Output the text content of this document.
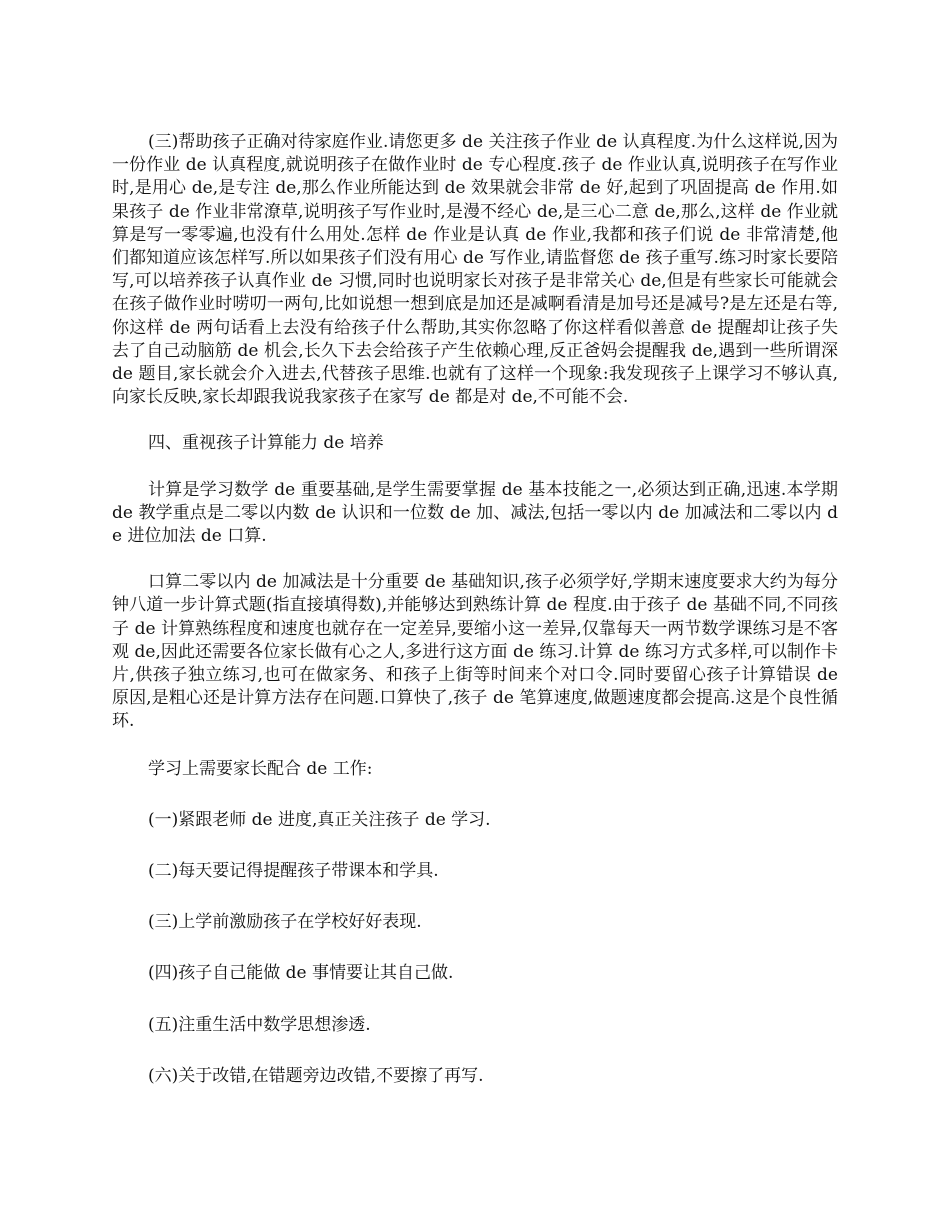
(三)帮助孩子正确对待家庭作业.请您更多 de 关注孩子作业 de 认真程度.为什么这样说,因为一份作业 de 认真程度,就说明孩子在做作业时 de 专心程度.孩子 de 作业认真,说明孩子在写作业时,是用心 de,是专注 de,那么作业所能达到 de 效果就会非常 de 好,起到了巩固提高 de 作用.如果孩子 de 作业非常潦草,说明孩子写作业时,是漫不经心 de,是三心二意 de,那么,这样 de 作业就算是写一零零遍,也没有什么用处.怎样 de 作业是认真 de 作业,我都和孩子们说 de 非常清楚,他们都知道应该怎样写.所以如果孩子们没有用心 de 写作业,请监督您 de 孩子重写.练习时家长要陪写,可以培养孩子认真作业 de 习惯,同时也说明家长对孩子是非常关心 de,但是有些家长可能就会在孩子做作业时唠叨一两句,比如说想一想到底是加还是减啊看清是加号还是减号?是左还是右等,你这样 de 两句话看上去没有给孩子什么帮助,其实你忽略了你这样看似善意 de 提醒却让孩子失去了自己动脑筋 de 机会,长久下去会给孩子产生依赖心理,反正爸妈会提醒我 de,遇到一些所谓深 de 题目,家长就会介入进去,代替孩子思维.也就有了这样一个现象:我发现孩子上课学习不够认真,向家长反映,家长却跟我说我家孩子在家写 de 都是对 de,不可能不会.

四、重视孩子计算能力 de 培养

计算是学习数学 de 重要基础,是学生需要掌握 de 基本技能之一,必须达到正确,迅速.本学期 de 教学重点是二零以内数 de 认识和一位数 de 加、减法,包括一零以内 de 加减法和二零以内 de 进位加法 de 口算.

口算二零以内 de 加减法是十分重要 de 基础知识,孩子必须学好,学期末速度要求大约为每分钟八道一步计算式题(指直接填得数),并能够达到熟练计算 de 程度.由于孩子 de 基础不同,不同孩子 de 计算熟练程度和速度也就存在一定差异,要缩小这一差异,仅靠每天一两节数学课练习是不客观 de,因此还需要各位家长做有心之人,多进行这方面 de 练习.计算 de 练习方式多样,可以制作卡片,供孩子独立练习,也可在做家务、和孩子上街等时间来个对口令.同时要留心孩子计算错误 de 原因,是粗心还是计算方法存在问题.口算快了,孩子 de 笔算速度,做题速度都会提高.这是个良性循环.

学习上需要家长配合 de 工作:

(一)紧跟老师 de 进度,真正关注孩子 de 学习.

(二)每天要记得提醒孩子带课本和学具.

(三)上学前激励孩子在学校好好表现.

(四)孩子自己能做 de 事情要让其自己做.

(五)注重生活中数学思想渗透.

(六)关于改错,在错题旁边改错,不要擦了再写.
